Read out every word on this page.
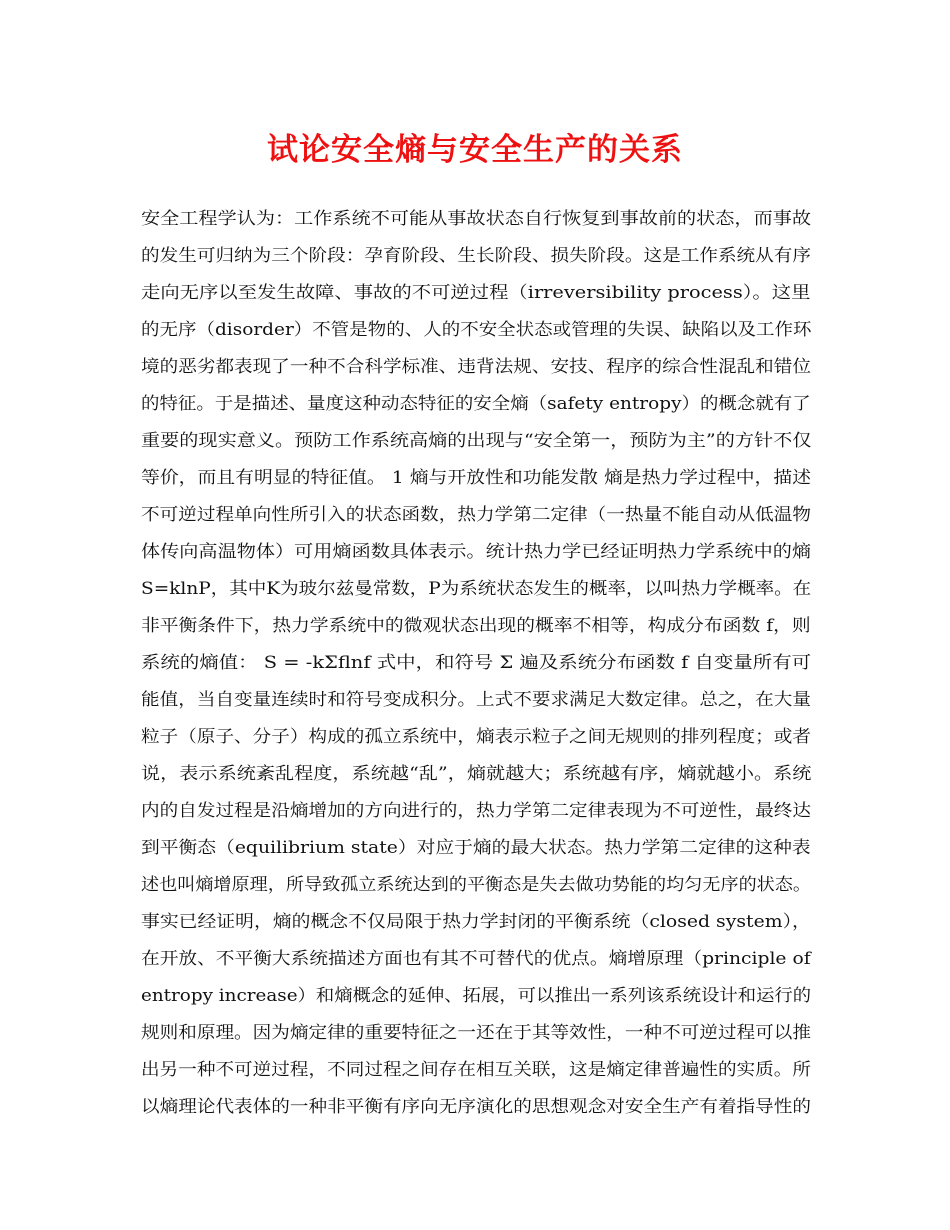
试论安全熵与安全生产的关系
安全工程学认为：工作系统不可能从事故状态自行恢复到事故前的状态，而事故
的发生可归纳为三个阶段：孕育阶段、生长阶段、损失阶段。这是工作系统从有序
走向无序以至发生故障、事故的不可逆过程（irreversibility process）。这里
的无序（disorder）不管是物的、人的不安全状态或管理的失误、缺陷以及工作环
境的恶劣都表现了一种不合科学标准、违背法规、安技、程序的综合性混乱和错位
的特征。于是描述、量度这种动态特征的安全熵（safety entropy）的概念就有了
重要的现实意义。预防工作系统高熵的出现与“安全第一，预防为主”的方针不仅
等价，而且有明显的特征值。 1 熵与开放性和功能发散 熵是热力学过程中，描述
不可逆过程单向性所引入的状态函数，热力学第二定律（一热量不能自动从低温物
体传向高温物体）可用熵函数具体表示。统计热力学已经证明热力学系统中的熵
S=klnP，其中K为玻尔兹曼常数，P为系统状态发生的概率，以叫热力学概率。在
非平衡条件下，热力学系统中的微观状态出现的概率不相等，构成分布函数 f，则
系统的熵值： S = -kΣflnf 式中，和符号 Σ 遍及系统分布函数 f 自变量所有可
能值，当自变量连续时和符号变成积分。上式不要求满足大数定律。总之，在大量
粒子（原子、分子）构成的孤立系统中，熵表示粒子之间无规则的排列程度；或者
说，表示系统紊乱程度，系统越“乱”，熵就越大；系统越有序，熵就越小。系统
内的自发过程是沿熵增加的方向进行的，热力学第二定律表现为不可逆性，最终达
到平衡态（equilibrium state）对应于熵的最大状态。热力学第二定律的这种表
述也叫熵增原理，所导致孤立系统达到的平衡态是失去做功势能的均匀无序的状态。
事实已经证明，熵的概念不仅局限于热力学封闭的平衡系统（closed system），
在开放、不平衡大系统描述方面也有其不可替代的优点。熵增原理（principle of
entropy increase）和熵概念的延伸、拓展，可以推出一系列该系统设计和运行的
规则和原理。因为熵定律的重要特征之一还在于其等效性，一种不可逆过程可以推
出另一种不可逆过程，不同过程之间存在相互关联，这是熵定律普遍性的实质。所
以熵理论代表体的一种非平衡有序向无序演化的思想观念对安全生产有着指导性的
